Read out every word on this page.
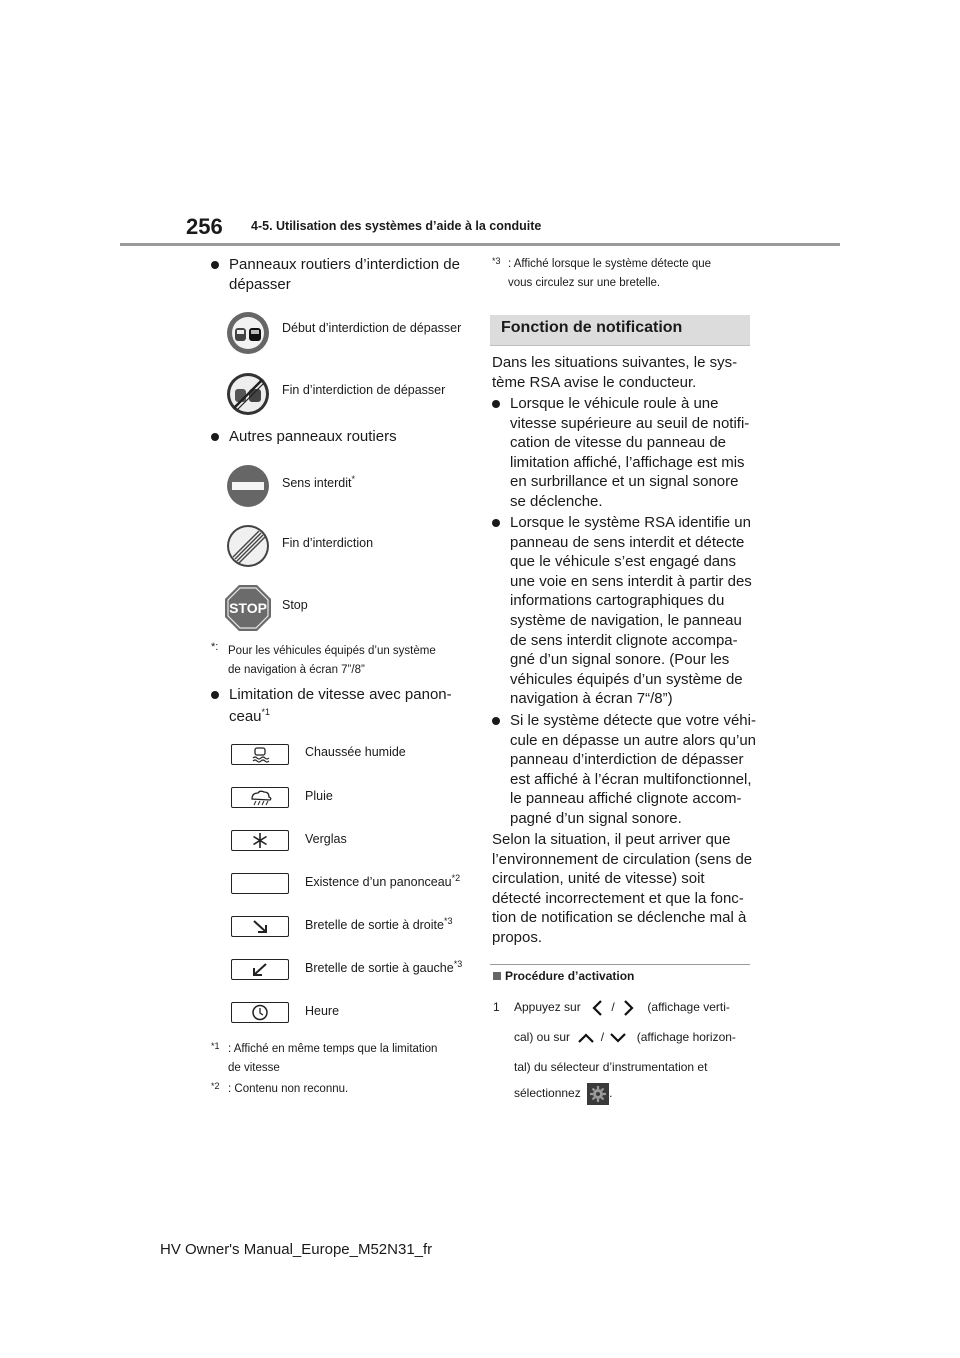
256 4-5. Utilisation des systèmes d’aide à la conduite
Panneaux routiers d’interdiction de
dépasser
Début d’interdiction de dépasser
Fin d’interdiction de dépasser
Autres panneaux routiers
Sens interdit*
Fin d’interdiction
STOP Stop
*: Pour les véhicules équipés d’un système
de navigation à écran 7”/8”
Limitation de vitesse avec panon-
ceau$^{*1}$
Chaussée humide
Pluie
Verglas
Existence d’un panonceau$^{*2}$
Bretelle de sortie à droite$^{*3}$
Bretelle de sortie à gauche$^{*3}$
Heure
*1 : Affiché en même temps que la limitation
de vitesse
*2 : Contenu non reconnu.
*3 : Affiché lorsque le système détecte que
vous circulez sur une bretelle.
Fonction de notification
Dans les situations suivantes, le sys-
tème RSA avise le conducteur.
Lorsque le véhicule roule à une
vitesse supérieure au seuil de notifi-
cation de vitesse du panneau de
limitation affiché, l’affichage est mis
en surbrillance et un signal sonore
se déclenche.
Lorsque le système RSA identifie un
panneau de sens interdit et détecte
que le véhicule s’est engagé dans
une voie en sens interdit à partir des
informations cartographiques du
système de navigation, le panneau
de sens interdit clignote accompa-
gné d’un signal sonore. (Pour les
véhicules équipés d’un système de
navigation à écran 7“/8”)
Si le système détecte que votre véhi-
cule en dépasse un autre alors qu’un
panneau d’interdiction de dépasser
est affiché à l’écran multifonctionnel,
le panneau affiché clignote accom-
pagné d’un signal sonore.
Selon la situation, il peut arriver que
l’environnement de circulation (sens de
circulation, unité de vitesse) soit
détecté incorrectement et que la fonc-
tion de notification se déclenche mal à
propos.
Procédure d’activation
1 Appuyez sur	/	(affichage verti-
cal) ou sur	/	(affichage horizon-
tal) du sélecteur d’instrumentation et
sélectionnez .
HV Owner's Manual_Europe_M52N31_fr
